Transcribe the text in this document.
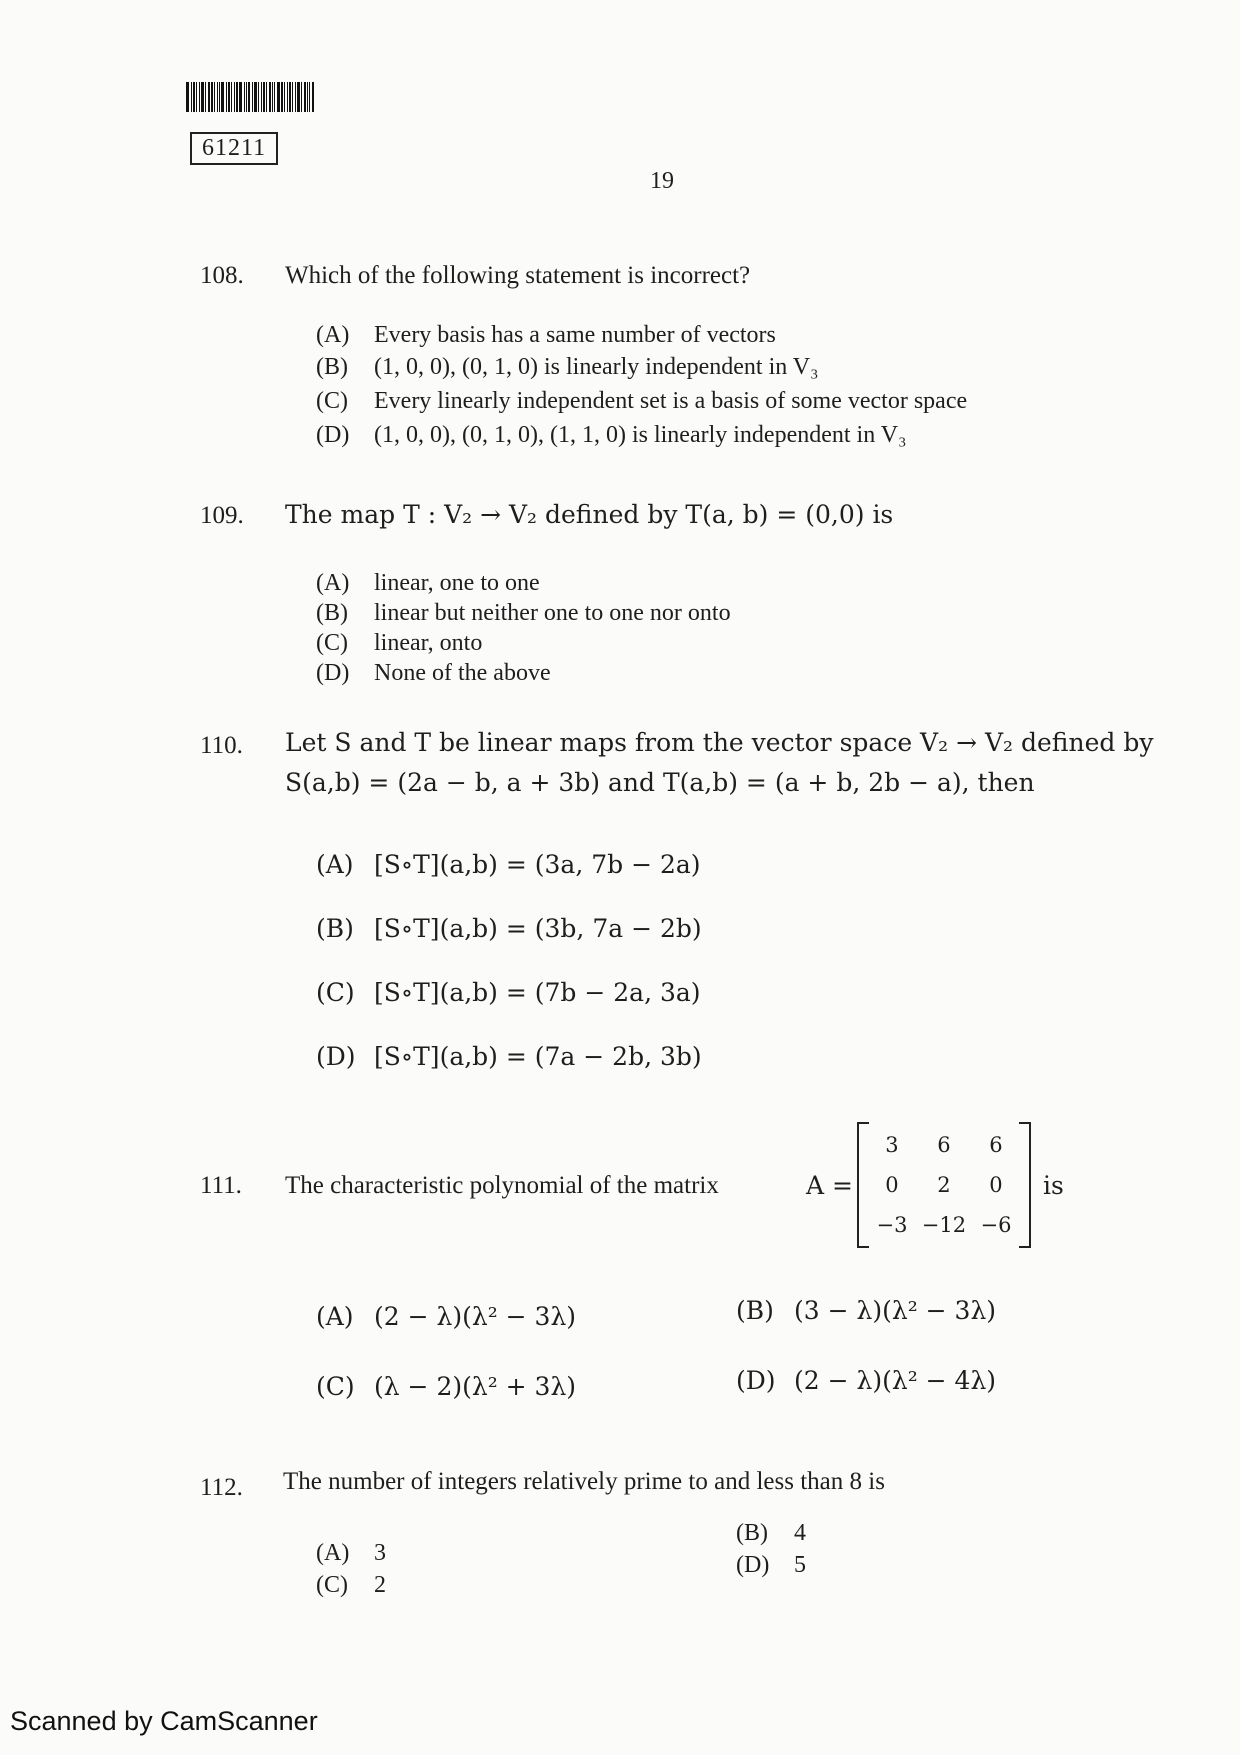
61211
19
108. Which of the following statement is incorrect?
(A) Every basis has a same number of vectors
(B) (1, 0, 0), (0, 1, 0) is linearly independent in V₃
(C) Every linearly independent set is a basis of some vector space
(D) (1, 0, 0), (0, 1, 0), (1, 1, 0) is linearly independent in V₃
109. The map T : V₂ → V₂ defined by T(a, b) = (0,0) is
(A) linear, one to one
(B) linear but neither one to one nor onto
(C) linear, onto
(D) None of the above
110. Let S and T be linear maps from the vector space V₂ → V₂ defined by
S(a,b) = (2a − b, a + 3b) and T(a,b) = (a + b, 2b − a), then
(A) [S∘T](a,b) = (3a, 7b − 2a)
(B) [S∘T](a,b) = (3b, 7a − 2b)
(C) [S∘T](a,b) = (7b − 2a, 3a)
(D) [S∘T](a,b) = (7a − 2b, 3b)
111. The characteristic polynomial of the matrix	A =
3 6 6
0 2 0
−3 −12 −6
is
(A) (2 − λ)(λ² − 3λ)	(B) (3 − λ)(λ² − 3λ)
(C) (λ − 2)(λ² + 3λ)	(D) (2 − λ)(λ² − 4λ)
112. The number of integers relatively prime to and less than 8 is
(A) 3
(B) 4
(C) 2
(D) 5
Scanned by CamScanner
